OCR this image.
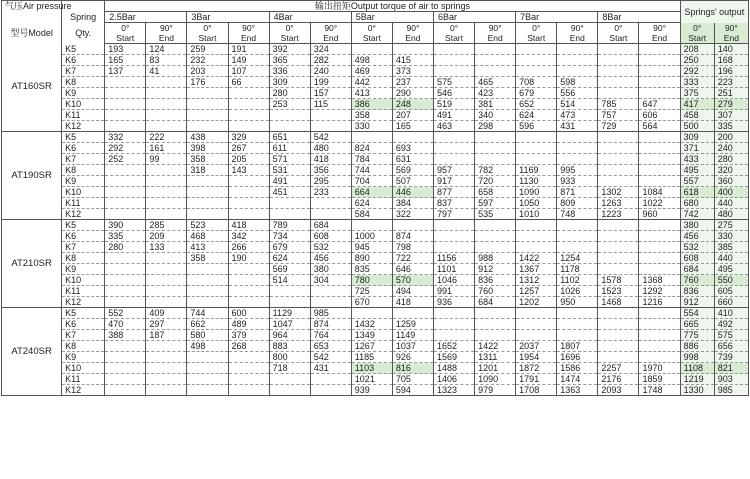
气压Air pressure		输出扭矩Output torque of air to springs														Springs' output	
	Spring	2.5Bar		3Bar		4Bar		5Bar		6Bar		7Bar		8Bar			
型号Model	Qty.	0°	90°	0°	90°	0°	90°	0°	90°	0°	90°	0°	90°	0°	90°	0°	90°
		Start	End	Start	End	Start	End	Start	End	Start	End	Start	End	Start	End	Start	End
AT160SR	K5	193	124	259	191	392	324									208	140
	K6	165	83	232	149	365	282	498	415							250	168
	K7	137	41	203	107	336	240	469	373							292	196
	K8			176	66	309	199	442	237	575	465	708	598			333	223
	K9					280	157	413	290	546	423	679	556			375	251
	K10					253	115	386	248	519	381	652	514	785	647	417	279
	K11							358	207	491	340	624	473	757	606	458	307
	K12							330	165	463	298	596	431	729	564	500	335
AT190SR	K5	332	222	438	329	651	542									309	200
	K6	292	161	398	267	611	480	824	693							371	240
	K7	252	99	358	205	571	418	784	631							433	280
	K8			318	143	531	356	744	569	957	782	1169	995			495	320
	K9					491	295	704	507	917	720	1130	933			557	360
	K10					451	233	664	446	877	658	1090	871	1302	1084	618	400
	K11							624	384	837	597	1050	809	1263	1022	680	440
	K12							584	322	797	535	1010	748	1223	960	742	480
AT210SR	K5	390	285	523	418	789	684									380	275
	K6	335	209	468	342	734	608	1000	874							456	330
	K7	280	133	413	266	679	532	945	798							532	385
	K8			358	190	624	456	890	722	1156	988	1422	1254			608	440
	K9					569	380	835	646	1101	912	1367	1178			684	495
	K10					514	304	780	570	1046	836	1312	1102	1578	1368	760	550
	K11							725	494	991	760	1257	1026	1523	1292	836	605
	K12							670	418	936	684	1202	950	1468	1216	912	660
AT240SR	K5	552	409	744	600	1129	985									554	410
	K6	470	297	662	489	1047	874	1432	1259							665	492
	K7	388	187	580	379	964	764	1349	1149							775	575
	K8			498	268	883	653	1267	1037	1652	1422	2037	1807			886	656
	K9					800	542	1185	926	1569	1311	1954	1696			998	739
	K10					718	431	1103	816	1488	1201	1872	1586	2257	1970	1108	821
	K11							1021	705	1406	1090	1791	1474	2176	1859	1219	903
	K12							939	594	1323	979	1708	1363	2093	1748	1330	985
